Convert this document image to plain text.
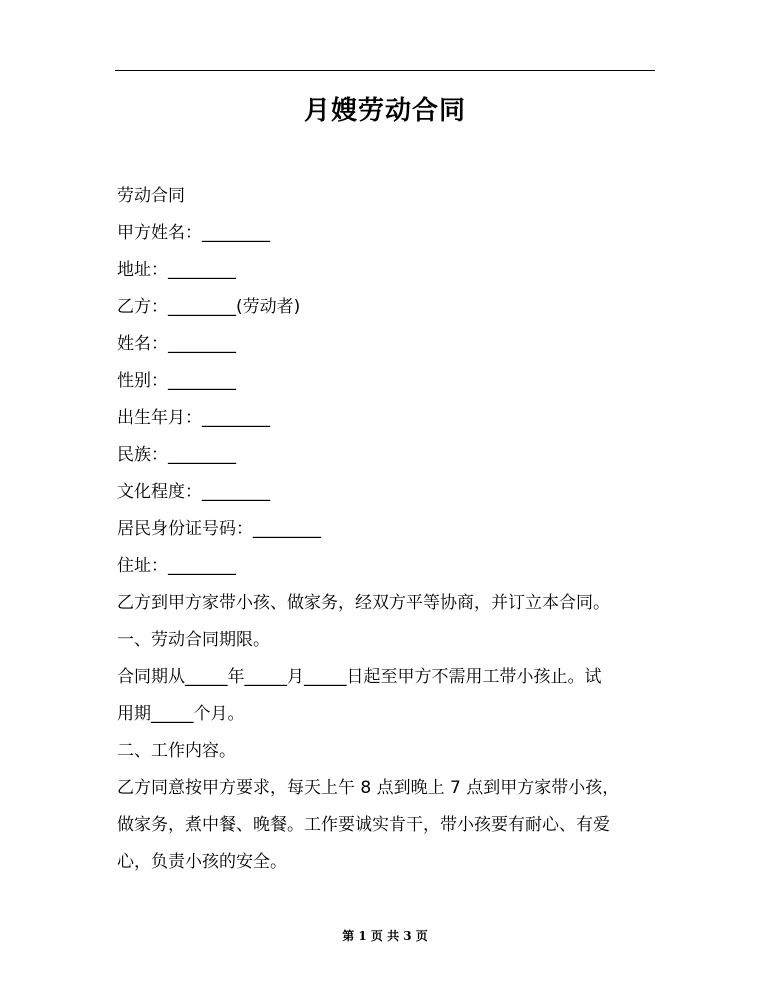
月嫂劳动合同
劳动合同
甲方姓名：________
地址：________
乙方：________(劳动者)
姓名：________
性别：________
出生年月：________
民族：________
文化程度：________
居民身份证号码：________
住址：________
乙方到甲方家带小孩、做家务，经双方平等协商，并订立本合同。
一、劳动合同期限。
合同期从_____年_____月_____日起至甲方不需用工带小孩止。试
用期_____个月。
二、工作内容。
乙方同意按甲方要求，每天上午 8 点到晚上 7 点到甲方家带小孩，
做家务，煮中餐、晚餐。工作要诚实肯干，带小孩要有耐心、有爱
心，负责小孩的安全。
第 1 页 共 3 页
